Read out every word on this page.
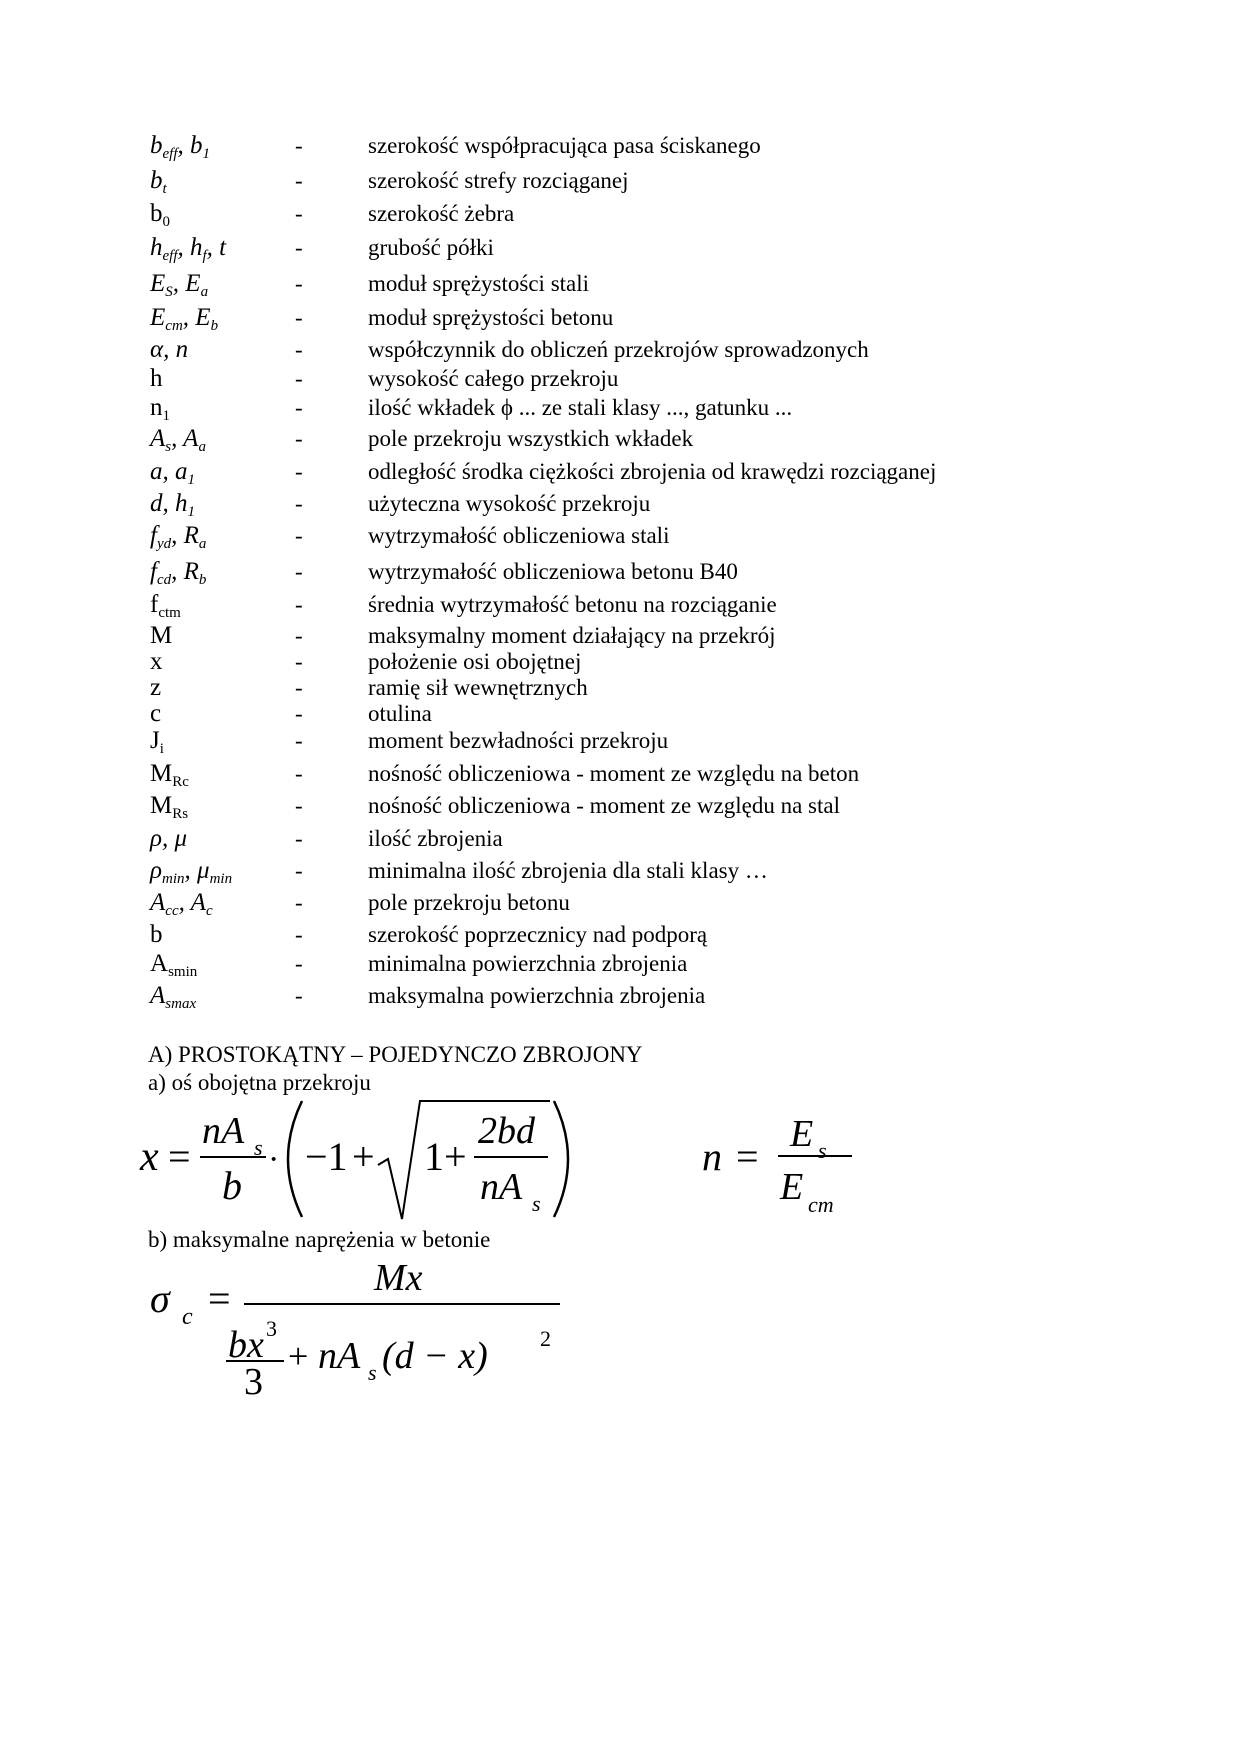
$b_{eff}$, $b_1$	-	szerokość współpracująca pasa ściskanego
$b_t$	-	szerokość strefy rozciąganej
$b_0$	-	szerokość żebra
$h_{eff}$, $h_f$, t	-	grubość półki
$E_S$, $E_a$	-	moduł sprężystości stali
$E_{cm}$, $E_b$	-	moduł sprężystości betonu
α, n	-	współczynnik do obliczeń przekrojów sprowadzonych
h	-	wysokość całego przekroju
$n_1$	-	ilość wkładek ϕ ... ze stali klasy ..., gatunku ...
$A_s$, $A_a$	-	pole przekroju wszystkich wkładek
a, $a_1$	-	odległość środka ciężkości zbrojenia od krawędzi rozciąganej
d, $h_1$	-	użyteczna wysokość przekroju
$f_{yd}$, $R_a$	-	wytrzymałość obliczeniowa stali
$f_{cd}$, $R_b$	-	wytrzymałość obliczeniowa betonu B40
$f_{ctm}$	-	średnia wytrzymałość betonu na rozciąganie
M	-	maksymalny moment działający na przekrój
x	-	położenie osi obojętnej
z	-	ramię sił wewnętrznych
c	-	otulina
$J_i$	-	moment bezwładności przekroju
$M_{Rc}$	-	nośność obliczeniowa - moment ze względu na beton
$M_{Rs}$	-	nośność obliczeniowa - moment ze względu na stal
ρ, μ	-	ilość zbrojenia
$\rho_{min}$, $\mu_{min}$	-	minimalna ilość zbrojenia dla stali klasy …
$A_{cc}$, $A_c$	-	pole przekroju betonu
b	-	szerokość poprzecznicy nad podporą
$A_{smin}$	-	minimalna powierzchnia zbrojenia
$A_{smax}$	-	maksymalna powierzchnia zbrojenia
A) PROSTOKĄTNY – POJEDYNCZO ZBROJONY
a) oś obojętna przekroju
x =
nA s
b
· −1 + 1 +
2bd
nA s
n = E s
E cm
b) maksymalne naprężenia w betonie
σ c =	Mx
bx 3
3
+ nA s (d − x) 2
